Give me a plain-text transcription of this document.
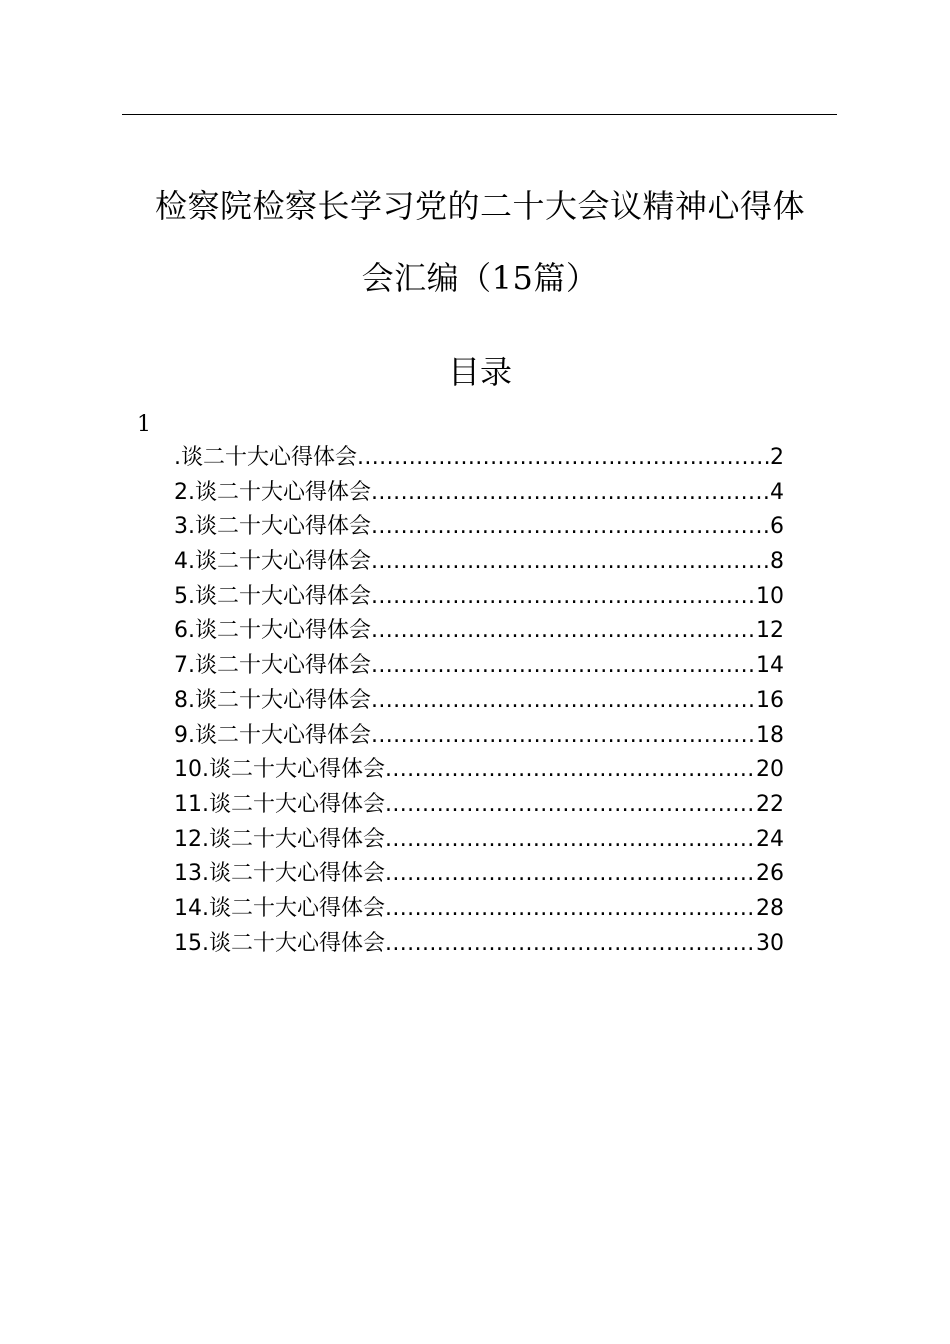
检察院检察长学习党的二十大会议精神心得体
会汇编（15篇）
目录
1
.谈二十大心得体会 .....	2
2.谈二十大心得体会 .....	4
3.谈二十大心得体会 .....	6
4.谈二十大心得体会 .....	8
5.谈二十大心得体会 .....	10
6.谈二十大心得体会 .....	12
7.谈二十大心得体会 .....	14
8.谈二十大心得体会 .....	16
9.谈二十大心得体会 .....	18
10.谈二十大心得体会 .....	20
11.谈二十大心得体会 .....	22
12.谈二十大心得体会 .....	24
13.谈二十大心得体会 .....	26
14.谈二十大心得体会 .....	28
15.谈二十大心得体会 .....	30
